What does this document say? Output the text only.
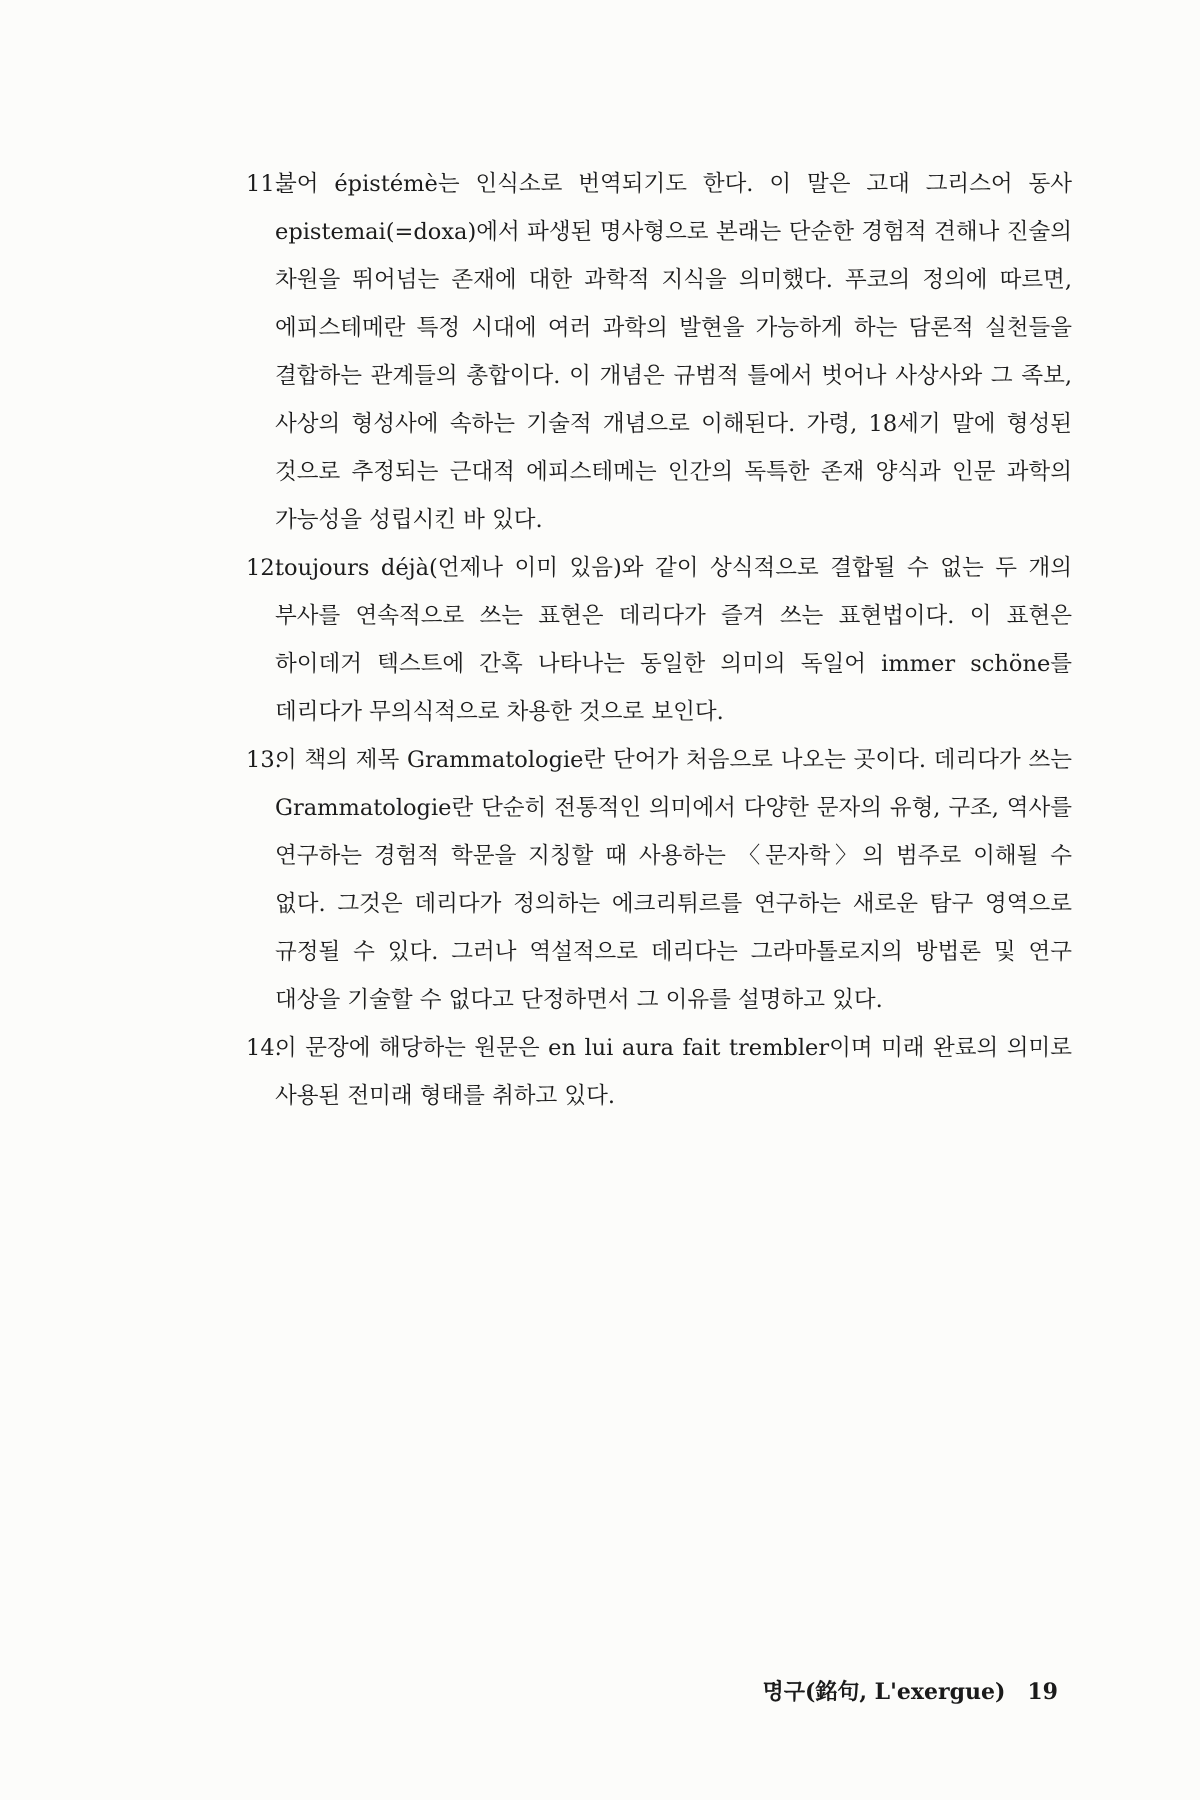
11.
불어 épistémè는 인식소로 번역되기도 한다. 이 말은 고대 그리스어 동사 epistemai(=doxa)에서 파생된 명사형으로 본래는 단순한 경험적 견해나 진술의 차원을 뛰어넘는 존재에 대한 과학적 지식을 의미했다. 푸코의 정의에 따르면, 에피스테메란 특정 시대에 여러 과학의 발현을 가능하게 하는 담론적 실천들을 결합하는 관계들의 총합이다. 이 개념은 규범적 틀에서 벗어나 사상사와 그 족보, 사상의 형성사에 속하는 기술적 개념으로 이해된다. 가령, 18세기 말에 형성된 것으로 추정되는 근대적 에피스테메는 인간의 독특한 존재 양식과 인문 과학의 가능성을 성립시킨 바 있다.
12.
toujours déjà(언제나 이미 있음)와 같이 상식적으로 결합될 수 없는 두 개의 부사를 연속적으로 쓰는 표현은 데리다가 즐겨 쓰는 표현법이다. 이 표현은 하이데거 텍스트에 간혹 나타나는 동일한 의미의 독일어 immer schöne를 데리다가 무의식적으로 차용한 것으로 보인다.
13.
이 책의 제목 Grammatologie란 단어가 처음으로 나오는 곳이다. 데리다가 쓰는 Grammatologie란 단순히 전통적인 의미에서 다양한 문자의 유형, 구조, 역사를 연구하는 경험적 학문을 지칭할 때 사용하는 〈문자학〉의 범주로 이해될 수 없다. 그것은 데리다가 정의하는 에크리튀르를 연구하는 새로운 탐구 영역으로 규정될 수 있다. 그러나 역설적으로 데리다는 그라마톨로지의 방법론 및 연구 대상을 기술할 수 없다고 단정하면서 그 이유를 설명하고 있다.
14.
이 문장에 해당하는 원문은 en lui aura fait trembler이며 미래 완료의 의미로 사용된 전미래 형태를 취하고 있다.
명구(銘句, L'exergue) 19
